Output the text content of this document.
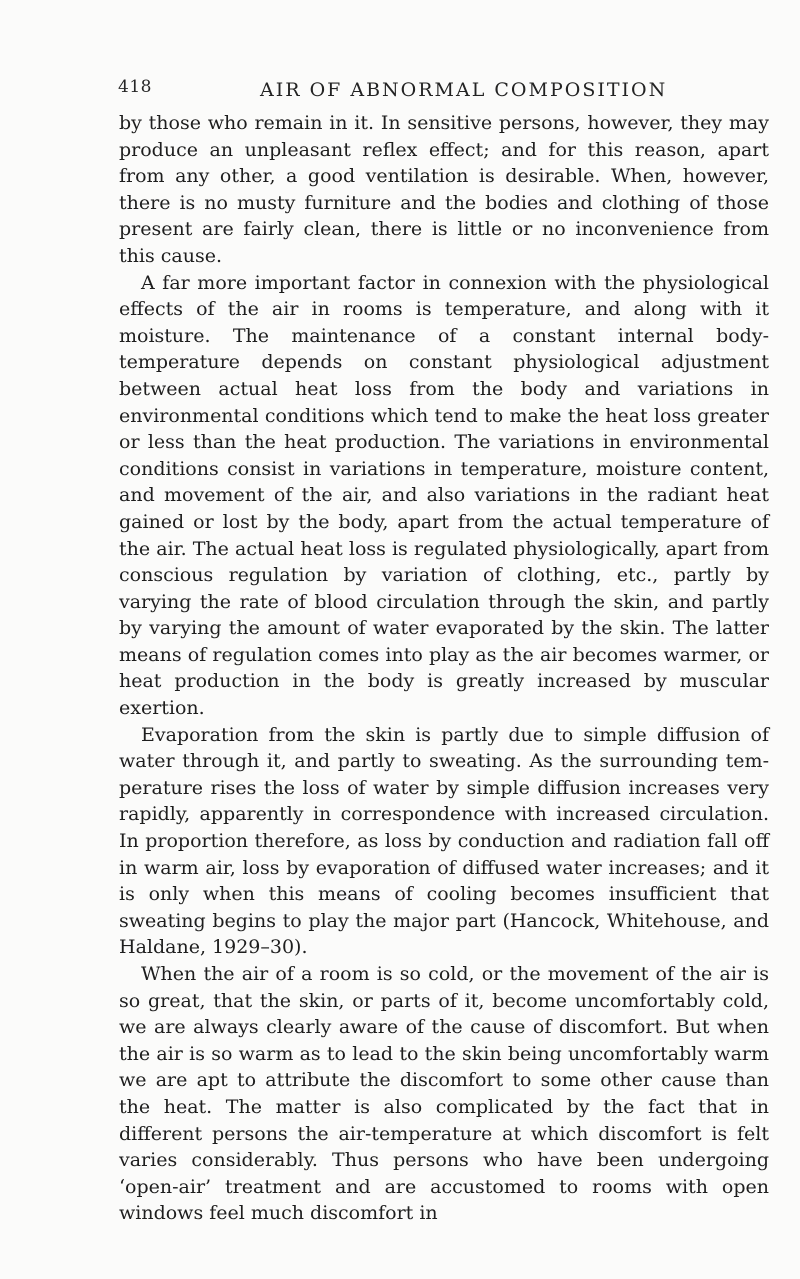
418	AIR OF ABNORMAL COMPOSITION

by those who remain in it. In sensitive persons, however, they may produce an unpleasant reflex effect; and for this reason, apart from any other, a good ventilation is desirable. When, however, there is no musty furniture and the bodies and clothing of those present are fairly clean, there is little or no inconvenience from this cause.

A far more important factor in connexion with the physiological effects of the air in rooms is temperature, and along with it moisture. The maintenance of a constant internal body-temperature depends on constant physiological adjustment between actual heat loss from the body and variations in environmental conditions which tend to make the heat loss greater or less than the heat production. The variations in environmental conditions consist in variations in temperature, moisture content, and movement of the air, and also variations in the radiant heat gained or lost by the body, apart from the actual temperature of the air. The actual heat loss is regulated physiologically, apart from conscious regulation by variation of clothing, etc., partly by varying the rate of blood circulation through the skin, and partly by varying the amount of water evaporated by the skin. The latter means of regulation comes into play as the air becomes warmer, or heat production in the body is greatly increased by muscular exertion.

Evaporation from the skin is partly due to simple diffusion of water through it, and partly to sweating. As the surrounding temperature rises the loss of water by simple diffusion increases very rapidly, apparently in correspondence with increased circulation. In proportion therefore, as loss by conduction and radiation fall off in warm air, loss by evaporation of diffused water increases; and it is only when this means of cooling becomes insufficient that sweating begins to play the major part (Hancock, Whitehouse, and Haldane, 1929–30).

When the air of a room is so cold, or the movement of the air is so great, that the skin, or parts of it, become uncomfortably cold, we are always clearly aware of the cause of discomfort. But when the air is so warm as to lead to the skin being uncomfortably warm we are apt to attribute the discomfort to some other cause than the heat. The matter is also complicated by the fact that in different persons the air-temperature at which discomfort is felt varies considerably. Thus persons who have been undergoing ‘open-air’ treatment and are accustomed to rooms with open windows feel much discomfort in
